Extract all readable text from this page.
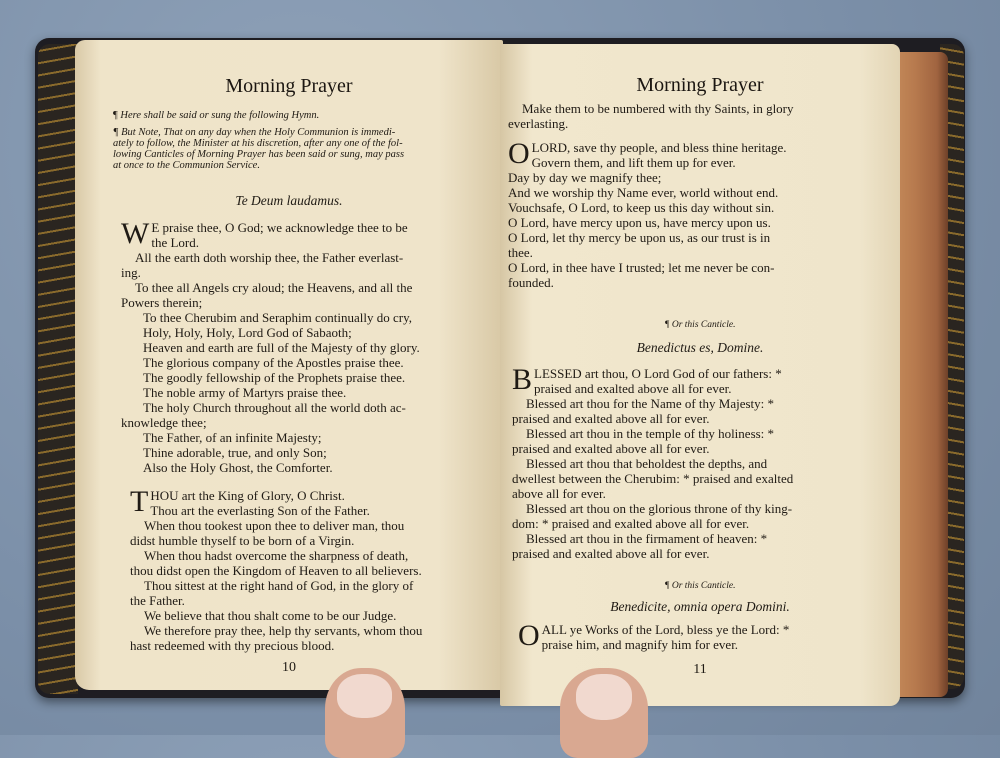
Morning Prayer
¶ Here shall be said or sung the following Hymn.
¶ But Note, That on any day when the Holy Communion is immedi-
ately to follow, the Minister at his discretion, after any one of the fol-
lowing Canticles of Morning Prayer has been said or sung, may pass
at once to the Communion Service.
Te Deum laudamus.
W E praise thee, O God; we acknowledge thee to be
the Lord.
All the earth doth worship thee, the Father everlast-
ing.
To thee all Angels cry aloud; the Heavens, and all the
Powers therein;
To thee Cherubim and Seraphim continually do cry,
Holy, Holy, Holy, Lord God of Sabaoth;
Heaven and earth are full of the Majesty of thy glory.
The glorious company of the Apostles praise thee.
The goodly fellowship of the Prophets praise thee.
The noble army of Martyrs praise thee.
The holy Church throughout all the world doth ac-
knowledge thee;
The Father, of an infinite Majesty;
Thine adorable, true, and only Son;
Also the Holy Ghost, the Comforter.
T HOU art the King of Glory, O Christ.
Thou art the everlasting Son of the Father.
When thou tookest upon thee to deliver man, thou
didst humble thyself to be born of a Virgin.
When thou hadst overcome the sharpness of death,
thou didst open the Kingdom of Heaven to all believers.
Thou sittest at the right hand of God, in the glory of
the Father.
We believe that thou shalt come to be our Judge.
We therefore pray thee, help thy servants, whom thou
hast redeemed with thy precious blood.
10
Morning Prayer
Make them to be numbered with thy Saints, in glory
everlasting.
O LORD, save thy people, and bless thine heritage.
Govern them, and lift them up for ever.
Day by day we magnify thee;
And we worship thy Name ever, world without end.
Vouchsafe, O Lord, to keep us this day without sin.
O Lord, have mercy upon us, have mercy upon us.
O Lord, let thy mercy be upon us, as our trust is in
thee.
O Lord, in thee have I trusted; let me never be con-
founded.
¶ Or this Canticle.
Benedictus es, Domine.
B LESSED art thou, O Lord God of our fathers: *
praised and exalted above all for ever.
Blessed art thou for the Name of thy Majesty: *
praised and exalted above all for ever.
Blessed art thou in the temple of thy holiness: *
praised and exalted above all for ever.
Blessed art thou that beholdest the depths, and
dwellest between the Cherubim: * praised and exalted
above all for ever.
Blessed art thou on the glorious throne of thy king-
dom: * praised and exalted above all for ever.
Blessed art thou in the firmament of heaven: *
praised and exalted above all for ever.
¶ Or this Canticle.
Benedicite, omnia opera Domini.
O ALL ye Works of the Lord, bless ye the Lord: *
praise him, and magnify him for ever.
11
